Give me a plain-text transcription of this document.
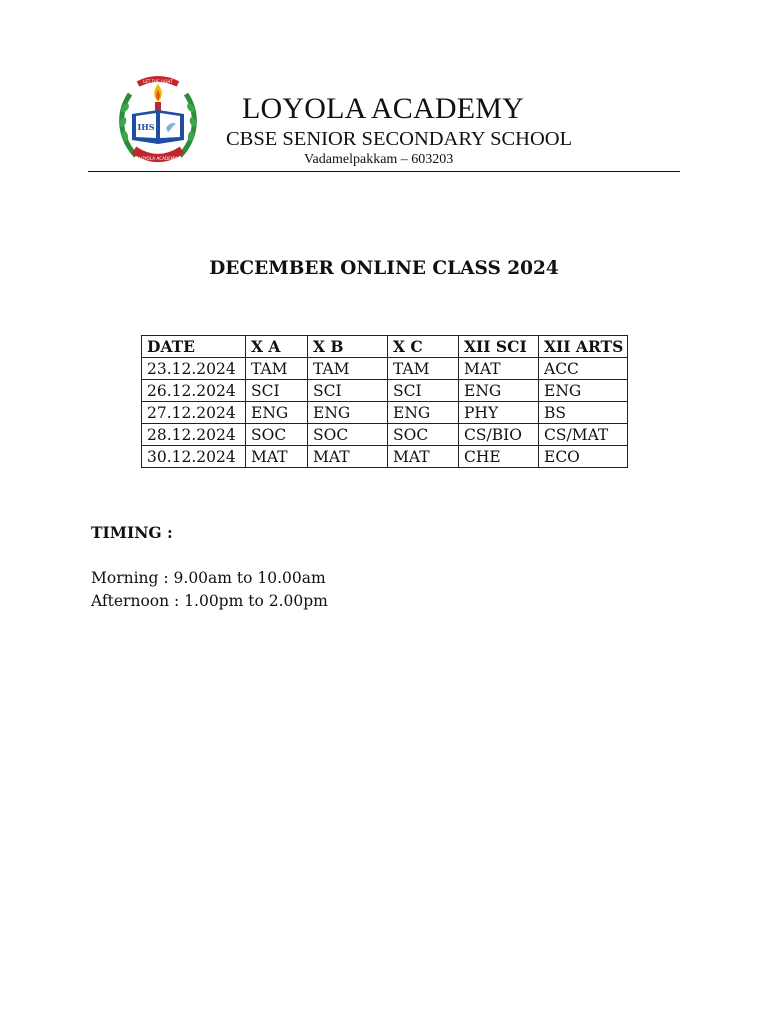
LET THE LIGHT
IHS
LOYOLA ACADEMY
LOYOLA ACADEMY
CBSE SENIOR SECONDARY SCHOOL
Vadamelpakkam – 603203
DECEMBER ONLINE CLASS 2024
DATE	X A	X B	X C	XII SCI	XII ARTS
23.12.2024	TAM	TAM	TAM	MAT	ACC
26.12.2024	SCI	SCI	SCI	ENG	ENG
27.12.2024	ENG	ENG	ENG	PHY	BS
28.12.2024	SOC	SOC	SOC	CS/BIO	CS/MAT
30.12.2024	MAT	MAT	MAT	CHE	ECO
TIMING :
Morning : 9.00am to 10.00am
Afternoon : 1.00pm to 2.00pm
